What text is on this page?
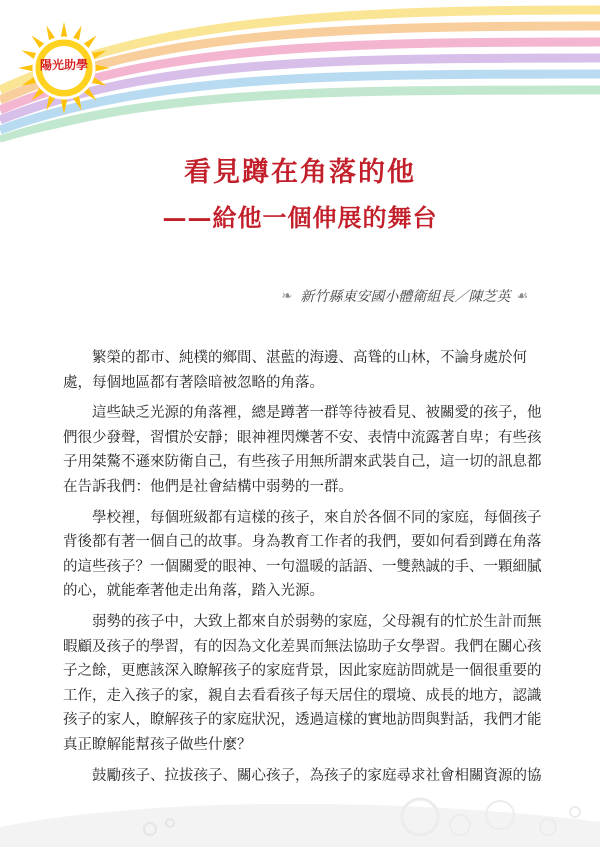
陽光助學
看見蹲在角落的他
——給他一個伸展的舞台
❧ 新竹縣東安國小體衛組長／陳芝英 ☙

繁榮的都市、純樸的鄉間、湛藍的海邊、高聳的山林，不論身處於何處，每個地區都有著陰暗被忽略的角落。

這些缺乏光源的角落裡，總是蹲著一群等待被看見、被關愛的孩子，他們很少發聲，習慣於安靜；眼神裡閃爍著不安、表情中流露著自卑；有些孩子用桀驁不遜來防衛自己，有些孩子用無所謂來武裝自己，這一切的訊息都在告訴我們：他們是社會結構中弱勢的一群。

學校裡，每個班級都有這樣的孩子，來自於各個不同的家庭，每個孩子背後都有著一個自己的故事。身為教育工作者的我們，要如何看到蹲在角落的這些孩子？一個關愛的眼神、一句溫暖的話語、一雙熱誠的手、一顆細膩的心，就能牽著他走出角落，踏入光源。

弱勢的孩子中，大致上都來自於弱勢的家庭，父母親有的忙於生計而無暇顧及孩子的學習，有的因為文化差異而無法協助子女學習。我們在關心孩子之餘，更應該深入瞭解孩子的家庭背景，因此家庭訪問就是一個很重要的工作，走入孩子的家，親自去看看孩子每天居住的環境、成長的地方，認識孩子的家人，瞭解孩子的家庭狀況，透過這樣的實地訪問與對話，我們才能真正瞭解能幫孩子做些什麼？

鼓勵孩子、拉拔孩子、關心孩子，為孩子的家庭尋求社會相關資源的協
